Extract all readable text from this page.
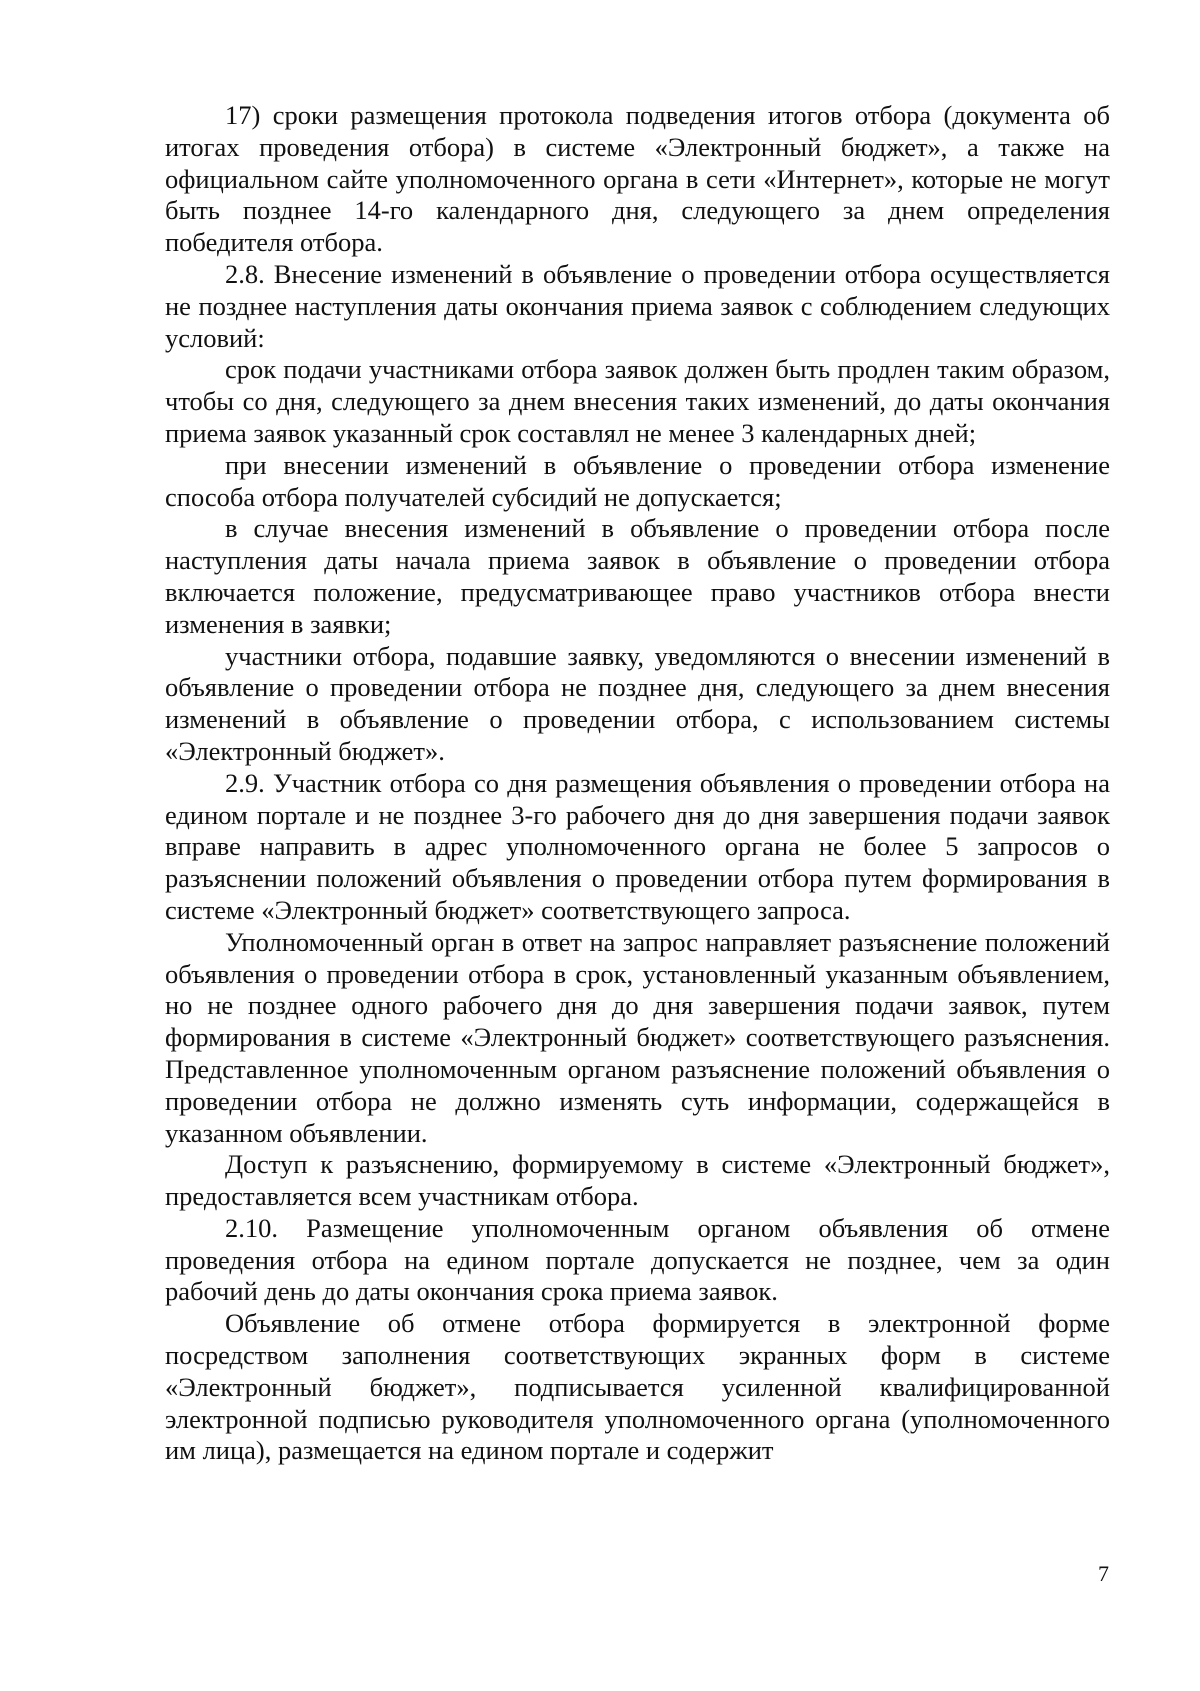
17) сроки размещения протокола подведения итогов отбора (документа об итогах проведения отбора) в системе «Электронный бюджет», а также на официальном сайте уполномоченного органа в сети «Интернет», которые не могут быть позднее 14-го календарного дня, следующего за днем определения победителя отбора.

2.8. Внесение изменений в объявление о проведении отбора осуществляется не позднее наступления даты окончания приема заявок с соблюдением следующих условий:

срок подачи участниками отбора заявок должен быть продлен таким образом, чтобы со дня, следующего за днем внесения таких изменений, до даты окончания приема заявок указанный срок составлял не менее 3 календарных дней;

при внесении изменений в объявление о проведении отбора изменение способа отбора получателей субсидий не допускается;

в случае внесения изменений в объявление о проведении отбора после наступления даты начала приема заявок в объявление о проведении отбора включается положение, предусматривающее право участников отбора внести изменения в заявки;

участники отбора, подавшие заявку, уведомляются о внесении изменений в объявление о проведении отбора не позднее дня, следующего за днем внесения изменений в объявление о проведении отбора, с использованием системы «Электронный бюджет».

2.9. Участник отбора со дня размещения объявления о проведении отбора на едином портале и не позднее 3-го рабочего дня до дня завершения подачи заявок вправе направить в адрес уполномоченного органа не более 5 запросов о разъяснении положений объявления о проведении отбора путем формирования в системе «Электронный бюджет» соответствующего запроса.

Уполномоченный орган в ответ на запрос направляет разъяснение положений объявления о проведении отбора в срок, установленный указанным объявлением, но не позднее одного рабочего дня до дня завершения подачи заявок, путем формирования в системе «Электронный бюджет» соответствующего разъяснения. Представленное уполномоченным органом разъяснение положений объявления о проведении отбора не должно изменять суть информации, содержащейся в указанном объявлении.

Доступ к разъяснению, формируемому в системе «Электронный бюджет», предоставляется всем участникам отбора.

2.10. Размещение уполномоченным органом объявления об отмене проведения отбора на едином портале допускается не позднее, чем за один рабочий день до даты окончания срока приема заявок.

Объявление об отмене отбора формируется в электронной форме посредством заполнения соответствующих экранных форм в системе «Электронный бюджет», подписывается усиленной квалифицированной электронной подписью руководителя уполномоченного органа (уполномоченного им лица), размещается на едином портале и содержит

7
